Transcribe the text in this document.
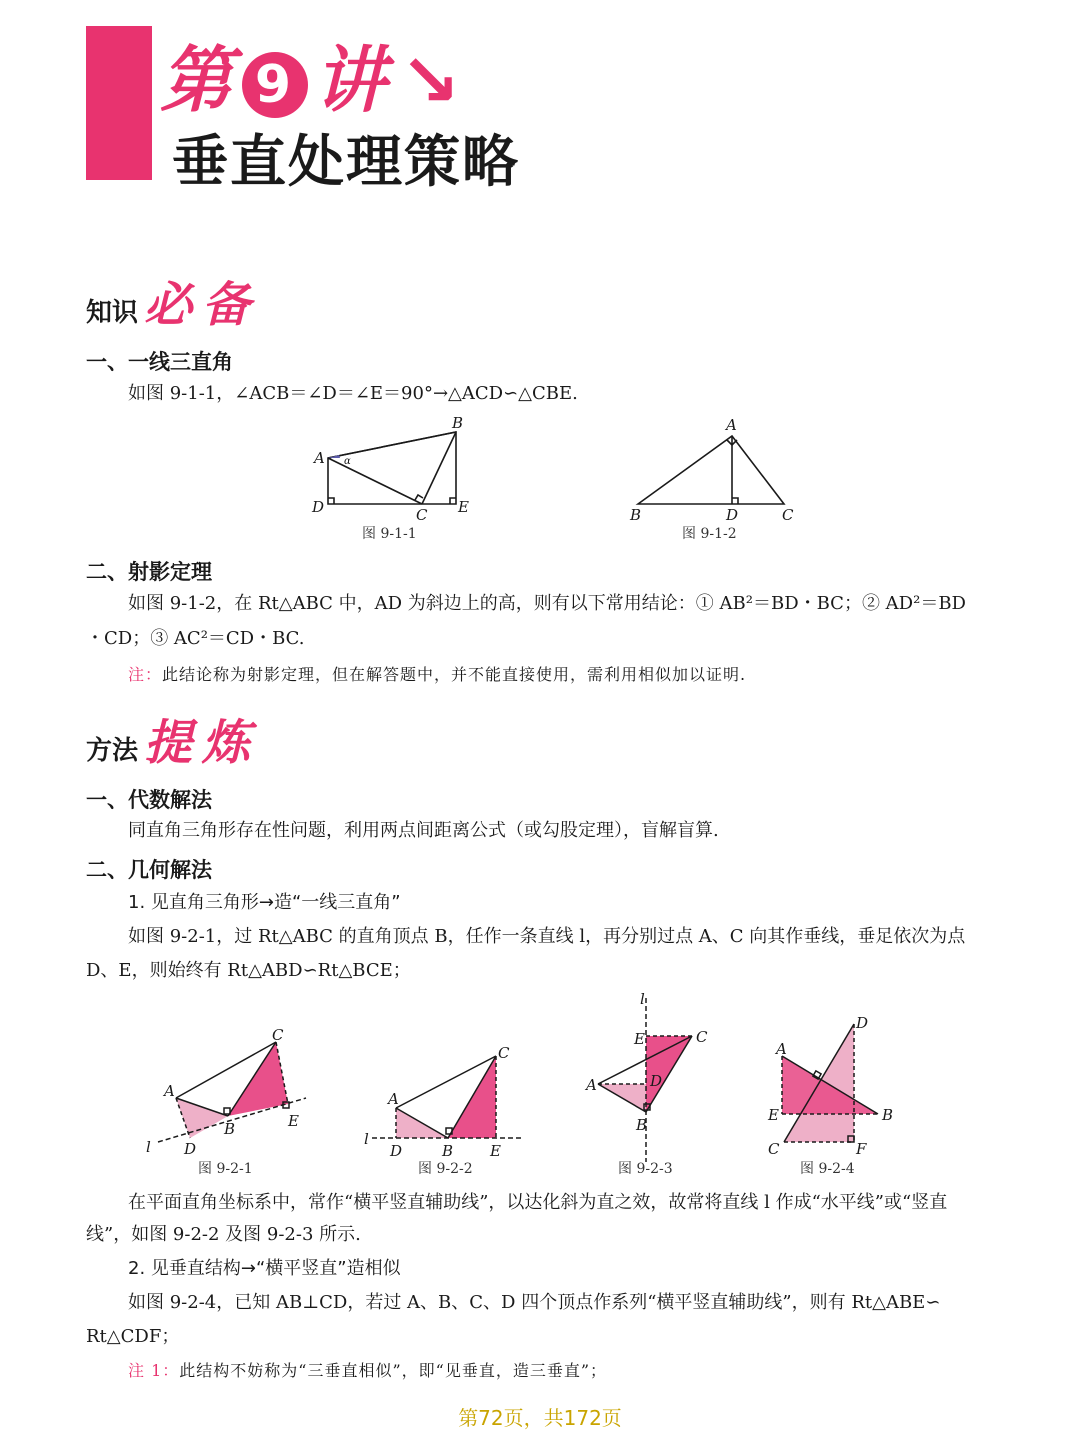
第 9 讲 ↘
垂直处理策略
知识 必备
一、一线三直角
如图 9-1-1，∠ACB＝∠D＝∠E＝90°→△ACD∽△CBE.
A α
B
D	C E
图 9-1-1
A
B	D	C
图 9-1-2
二、射影定理
如图 9-1-2，在 Rt△ABC 中，AD 为斜边上的高，则有以下常用结论：① AB²＝BD・BC；② AD²＝BD
・CD；③ AC²＝CD・BC.
注：此结论称为射影定理，但在解答题中，并不能直接使用，需利用相似加以证明.
方法 提炼
一、代数解法
同直角三角形存在性问题，利用两点间距离公式（或勾股定理），盲解盲算.
二、几何解法
1. 见直角三角形→造“一线三直角”
如图 9-2-1，过 Rt△ABC 的直角顶点 B，任作一条直线 l，再分别过点 A、C 向其作垂线，垂足依次为点
D、E，则始终有 Rt△ABD∽Rt△BCE；
A
C
B	E
D
l
图 9-2-1
A
C
B
D	E
l
图 9-2-2
l
E	C
A	D
B
图 9-2-3
D
A
E	B
C	F
图 9-2-4
在平面直角坐标系中，常作“横平竖直辅助线”，以达化斜为直之效，故常将直线 l 作成“水平线”或“竖直
线”，如图 9-2-2 及图 9-2-3 所示.
2. 见垂直结构→“横平竖直”造相似
如图 9-2-4，已知 AB⊥CD，若过 A、B、C、D 四个顶点作系列“横平竖直辅助线”，则有 Rt△ABE∽
Rt△CDF；
注 1：此结构不妨称为“三垂直相似”，即“见垂直，造三垂直”；
第72页，共172页
